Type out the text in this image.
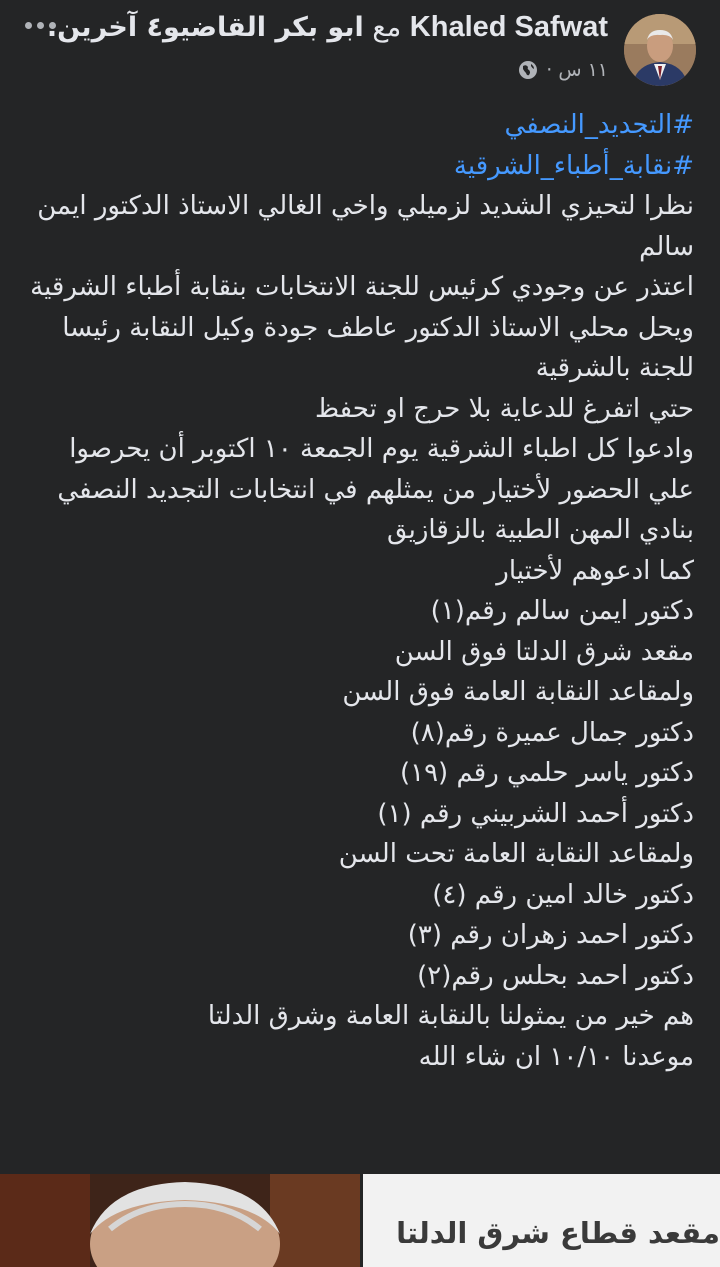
Khaled Safwat مع ابو بكر القاضيو٤ آخرين.
١١ س ·
#التجديد_النصفي
#نقابة_أطباء_الشرقية
نظرا لتحيزي الشديد لزميلي واخي الغالي الاستاذ الدكتور ايمن سالم
اعتذر عن وجودي كرئيس للجنة الانتخابات بنقابة أطباء الشرقية ويحل محلي الاستاذ الدكتور عاطف جودة وكيل النقابة رئيسا للجنة بالشرقية
حتي اتفرغ للدعاية بلا حرج او تحفظ
وادعوا كل اطباء الشرقية يوم الجمعة ١٠ اكتوبر أن يحرصوا علي الحضور لأختيار من يمثلهم في انتخابات التجديد النصفي بنادي المهن الطبية بالزقازيق
كما ادعوهم لأختيار
دكتور ايمن سالم رقم(١)
مقعد شرق الدلتا فوق السن
ولمقاعد النقابة العامة فوق السن
دكتور جمال عميرة رقم(٨)
دكتور ياسر حلمي رقم (١٩)
دكتور أحمد الشربيني رقم (١)
ولمقاعد النقابة العامة تحت السن
دكتور خالد امين رقم (٤)
دكتور احمد زهران رقم (٣)
دكتور احمد بحلس رقم(٢)
هم خير من يمثولنا بالنقابة العامة وشرق الدلتا
موعدنا ١٠/١٠ ان شاء الله
مقعد قطاع شرق الدلتا
